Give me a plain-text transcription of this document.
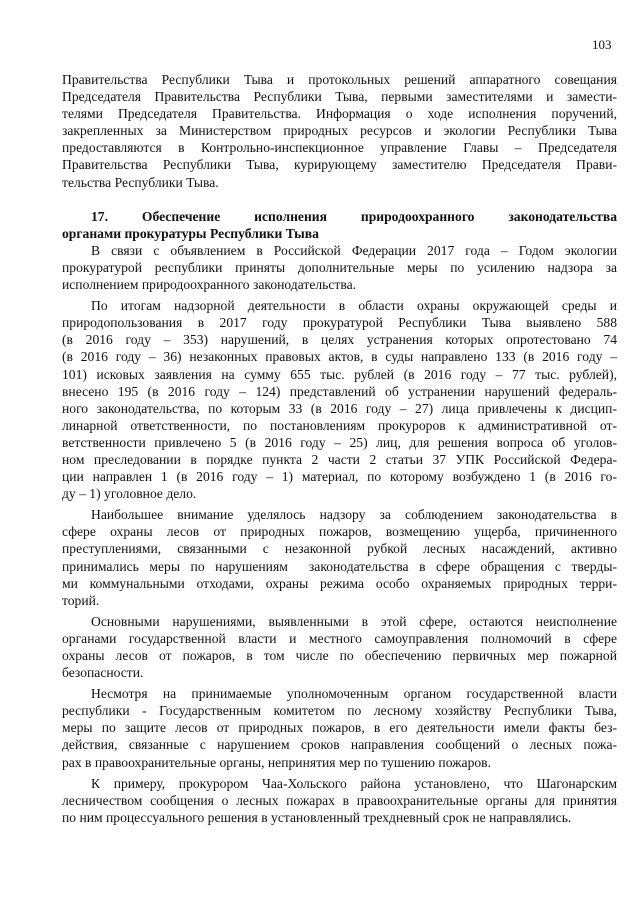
103
Правительства Республики Тыва и протокольных решений аппаратного совещания
Председателя Правительства Республики Тыва, первыми заместителями и замести-
телями Председателя Правительства. Информация о ходе исполнения поручений,
закрепленных за Министерством природных ресурсов и экологии Республики Тыва
предоставляются в Контрольно-инспекционное управление Главы – Председателя
Правительства Республики Тыва, курирующему заместителю Председателя Прави-
тельства Республики Тыва.
17.    Обеспечение    исполнения    природоохранного    законодательства
органами прокуратуры Республики Тыва
В связи с объявлением в Российской Федерации 2017 года – Годом экологии
прокуратурой республики приняты дополнительные меры по усилению надзора за
исполнением природоохранного законодательства.
По итогам надзорной деятельности в области охраны окружающей среды и
природопользования в 2017 году прокуратурой Республики Тыва выявлено 588
(в 2016 году – 353) нарушений, в целях устранения которых опротестовано 74
(в 2016 году – 36) незаконных правовых актов, в суды направлено 133 (в 2016 году –
101) исковых заявления на сумму 655 тыс. рублей (в 2016 году – 77 тыс. рублей),
внесено 195 (в 2016 году – 124) представлений об устранении нарушений федераль-
ного законодательства, по которым 33 (в 2016 году – 27) лица привлечены к дисцип-
линарной ответственности, по постановлениям прокуроров к административной от-
ветственности привлечено 5 (в 2016 году – 25) лиц, для решения вопроса об уголов-
ном преследовании в порядке пункта 2 части 2 статьи 37 УПК Российской Федера-
ции направлен 1 (в 2016 году – 1) материал, по которому возбуждено 1 (в 2016 го-
ду – 1) уголовное дело.
Наибольшее внимание уделялось надзору за соблюдением законодательства в
сфере охраны лесов от природных пожаров, возмещению ущерба, причиненного
преступлениями, связанными с незаконной рубкой лесных насаждений, активно
принимались меры по нарушениям  законодательства в сфере обращения с тверды-
ми коммунальными отходами, охраны режима особо охраняемых природных терри-
торий.
Основными нарушениями, выявленными в этой сфере, остаются неисполнение
органами государственной власти и местного самоуправления полномочий в сфере
охраны лесов от пожаров, в том числе по обеспечению первичных мер пожарной
безопасности.
Несмотря на принимаемые уполномоченным органом государственной власти
республики - Государственным комитетом по лесному хозяйству Республики Тыва,
меры по защите лесов от природных пожаров, в его деятельности имели факты без-
действия, связанные с нарушением сроков направления сообщений о лесных пожа-
рах в правоохранительные органы, непринятия мер по тушению пожаров.
К примеру, прокурором Чаа-Хольского района установлено, что Шагонарским
лесничеством сообщения о лесных пожарах в правоохранительные органы для принятия
по ним процессуального решения в установленный трехдневный срок не направлялись.
